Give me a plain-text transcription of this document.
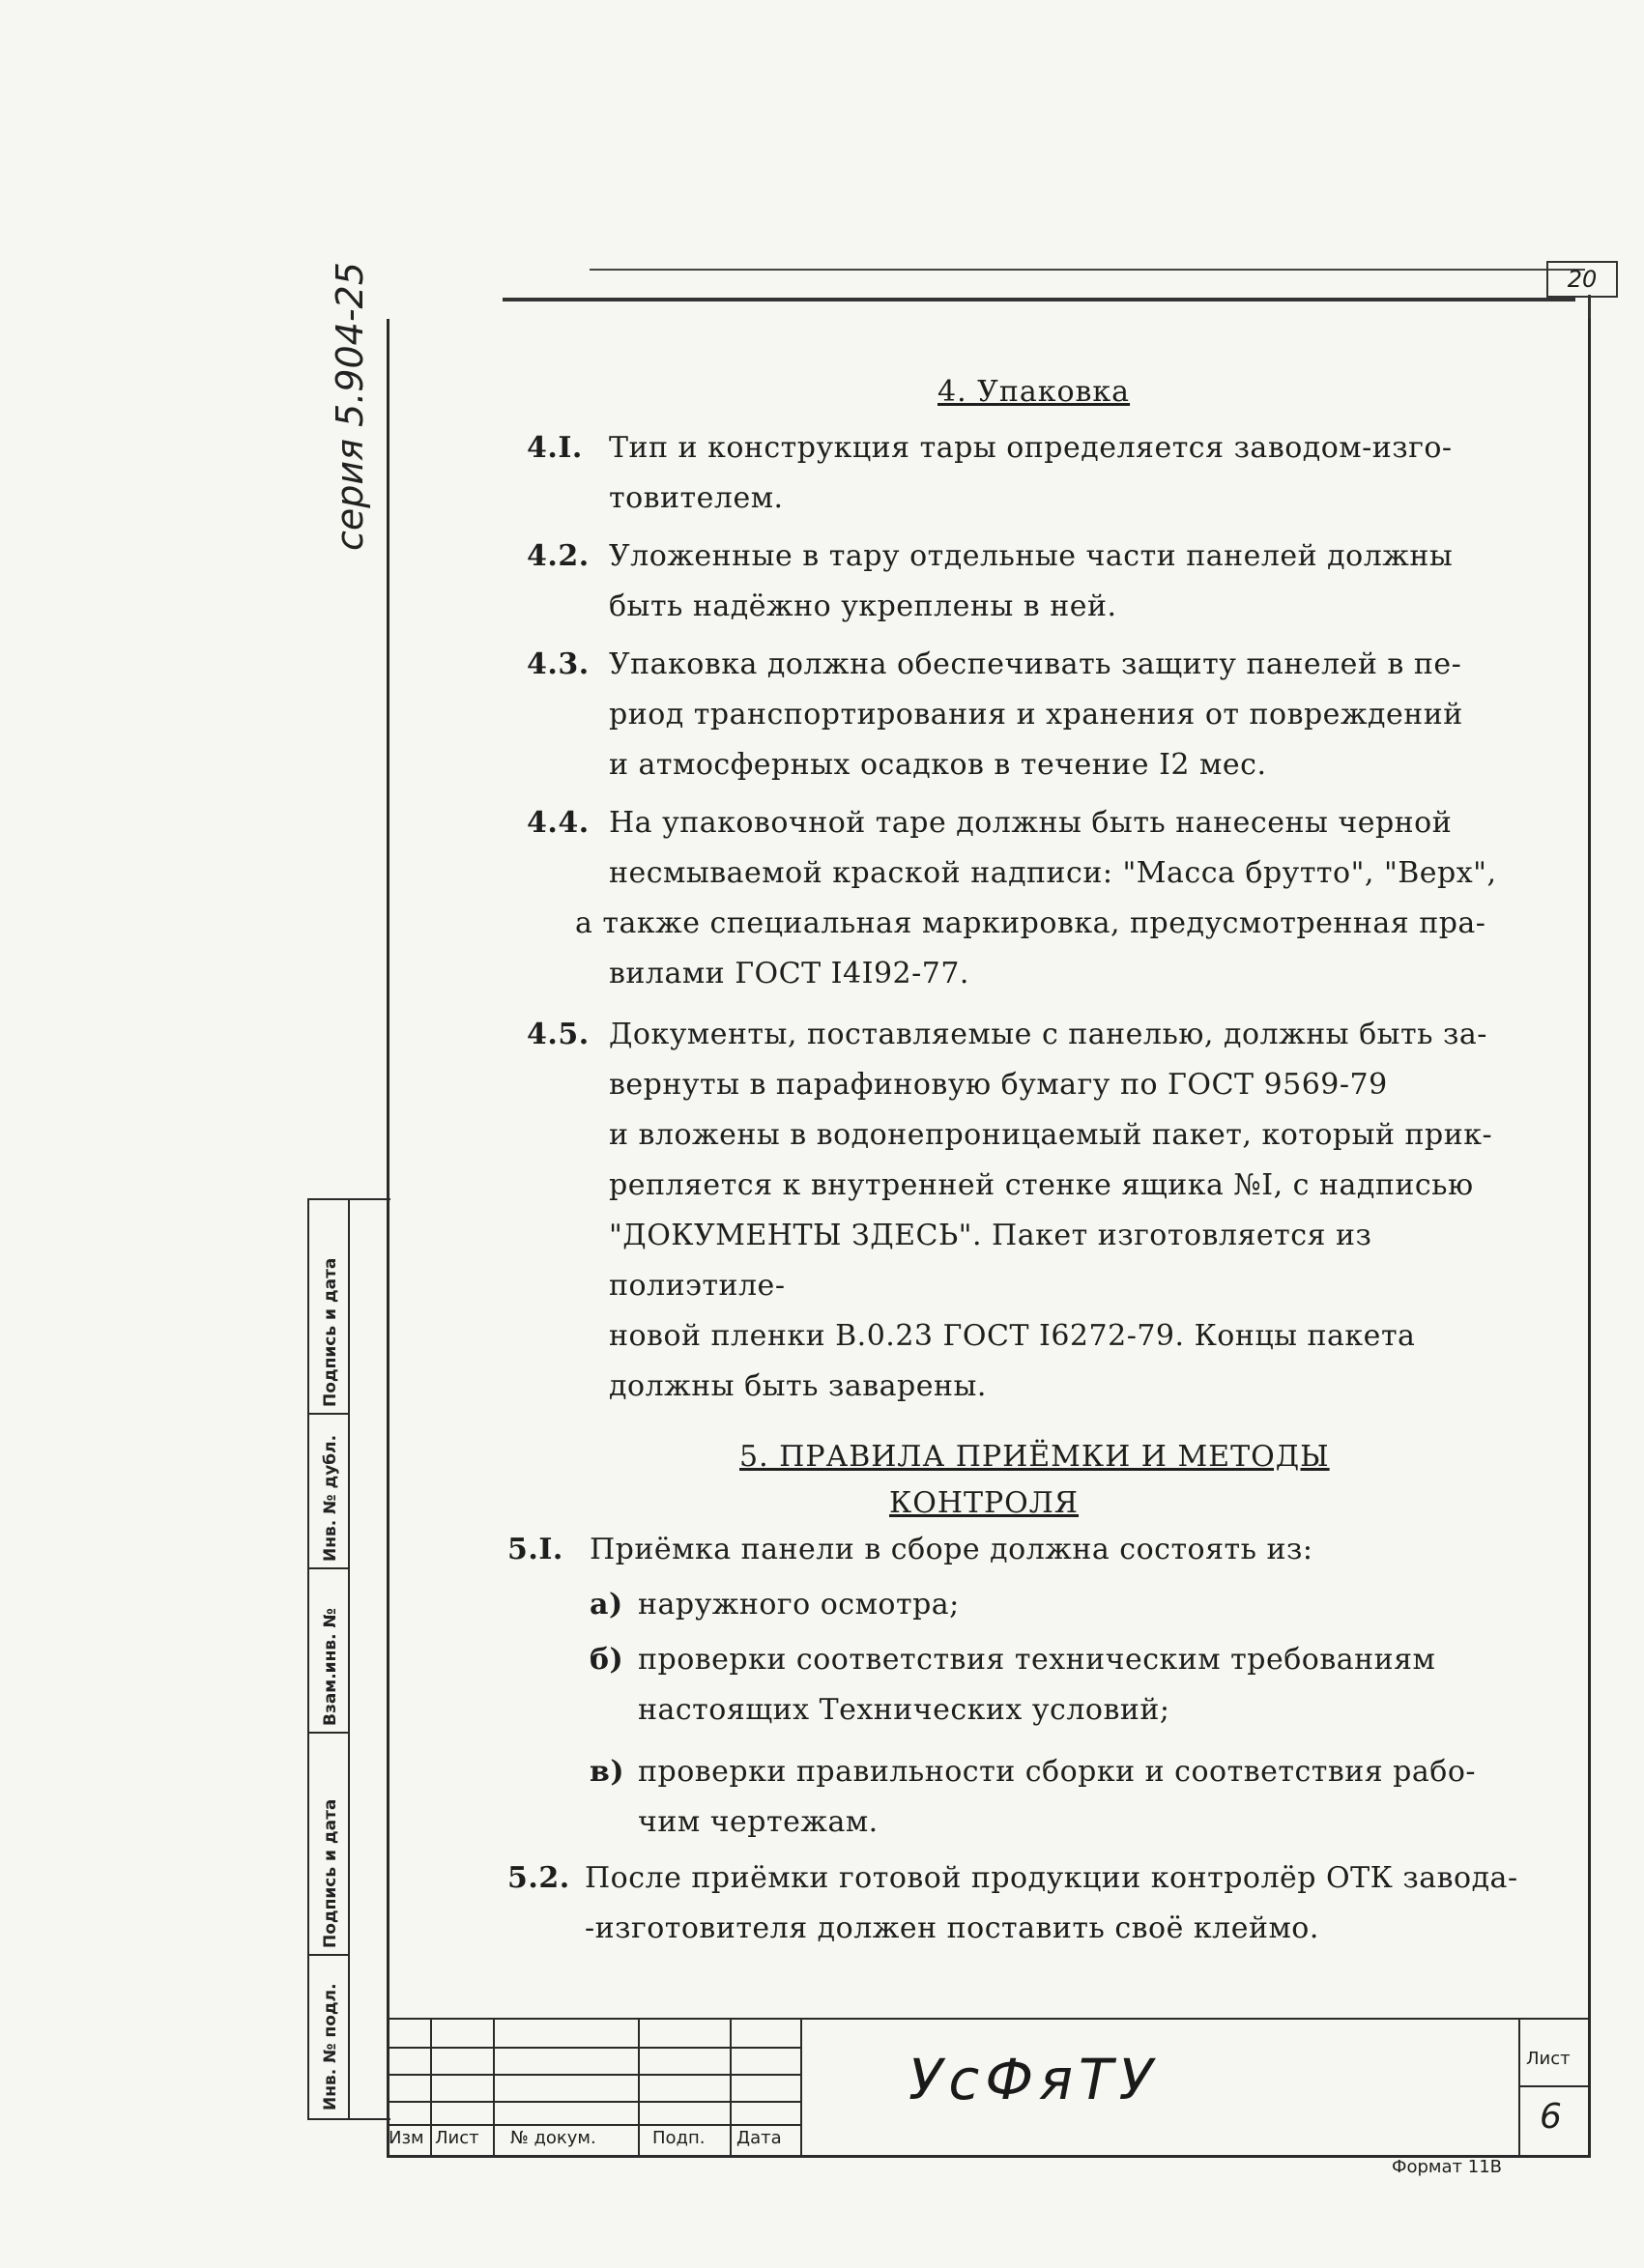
20
серия 5.904-25
Подпись и дата
Инв. № дубл.
Взам.инв. №
Подпись и дата
Инв. № подл.
4. Упаковка
4.I. Тип и конструкция тары определяется заводом-изго-
товителем.
4.2. Уложенные в тару отдельные части панелей должны
быть надёжно укреплены в ней.
4.3. Упаковка должна обеспечивать защиту панелей в пе-
риод транспортирования и хранения от повреждений
и атмосферных осадков в течение I2 мес.
4.4. На упаковочной таре должны быть нанесены черной
несмываемой краской надписи: "Масса брутто", "Верх",
а также специальная маркировка, предусмотренная пра-
вилами ГОСТ I4I92-77.
4.5. Документы, поставляемые с панелью, должны быть за-
вернуты в парафиновую бумагу по ГОСТ 9569-79
и вложены в водонепроницаемый пакет, который прик-
репляется к внутренней стенке ящика №I, с надписью
"ДОКУМЕНТЫ ЗДЕСЬ". Пакет изготовляется из полиэтиле-
новой пленки В.0.23 ГОСТ I6272-79. Концы пакета
должны быть заварены.
5. ПРАВИЛА ПРИЁМКИ И МЕТОДЫ
КОНТРОЛЯ
5.I. Приёмка панели в сборе должна состоять из:
а) наружного осмотра;
б) проверки соответствия техническим требованиям
настоящих Технических условий;
в) проверки правильности сборки и соответствия рабо-
чим чертежам.
5.2. После приёмки готовой продукции контролёр ОТК завода-
-изготовителя должен поставить своё клеймо.
Изм Лист № докум.	Подп. Дата
УсФяТУ	Лист
6
Формат 11В
